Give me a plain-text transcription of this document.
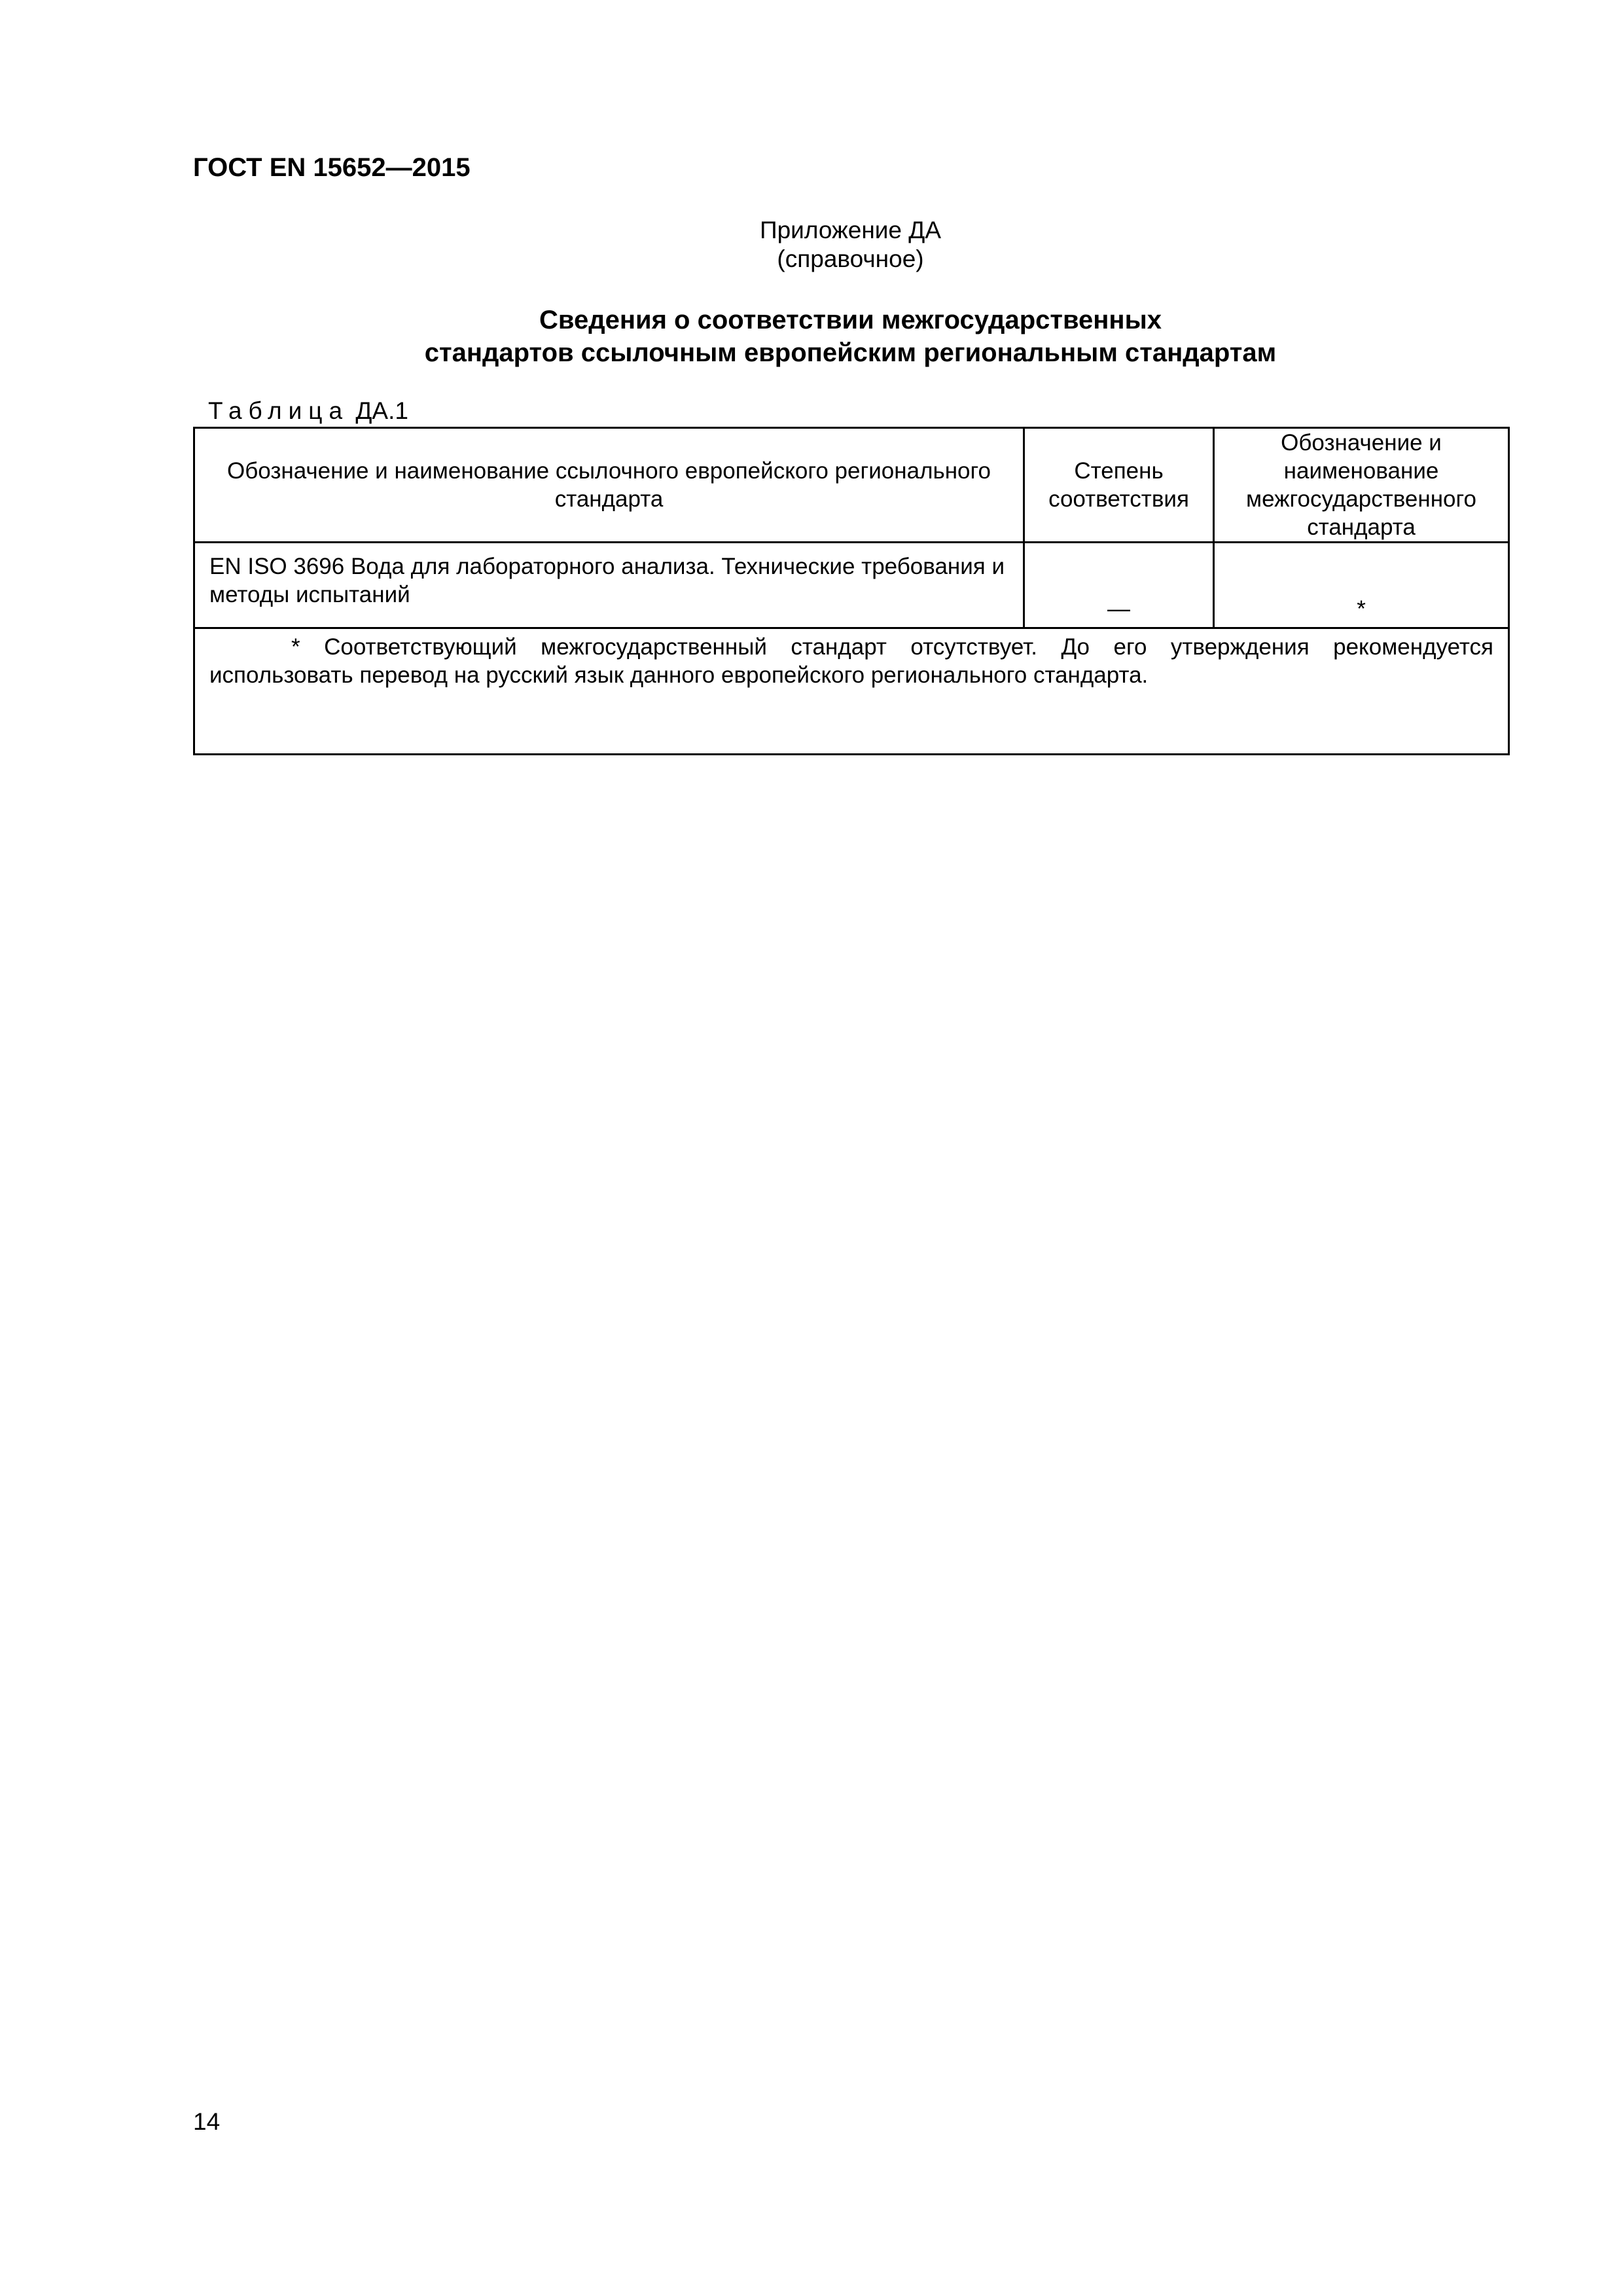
ГОСТ EN 15652—2015
Приложение ДА
(справочное)
Сведения о соответствии межгосударственных
стандартов ссылочным европейским региональным стандартам
Таблица ДА.1
Обозначение и наименование ссылочного европейского регионального стандарта	Степень соответствия	Обозначение и наименование межгосударственного стандарта
EN ISO 3696 Вода для лабораторного анализа. Технические требования и методы испытаний	—	*

* Соответствующий межгосударственный стандарт отсутствует. До его утверждения рекомендуется использовать перевод на русский язык данного европейского регионального стандарта.		
14
